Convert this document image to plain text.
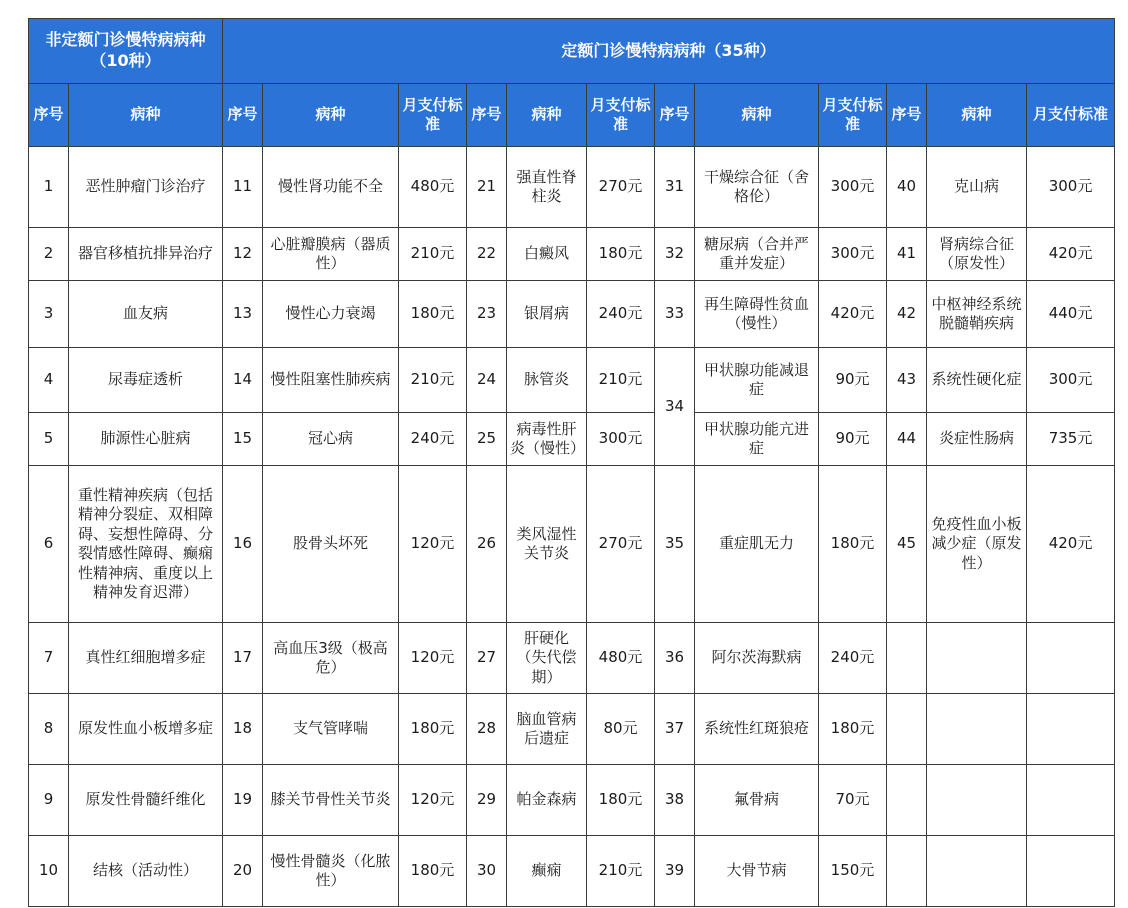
非定额门诊慢特病病种（10种）		定额门诊慢特病病种（35种）											
序号	病种	序号	病种	月支付标准	序号	病种	月支付标准	序号	病种	月支付标准	序号	病种	月支付标准
1	恶性肿瘤门诊治疗	11	慢性肾功能不全	480元	21	强直性脊柱炎	270元	31	干燥综合征（舍格伦）	300元	40	克山病	300元
2	器官移植抗排异治疗	12	心脏瓣膜病（器质性）	210元	22	白癜风	180元	32	糖尿病（合并严重并发症）	300元	41	肾病综合征（原发性）	420元
3	血友病	13	慢性心力衰竭	180元	23	银屑病	240元	33	再生障碍性贫血（慢性）	420元	42	中枢神经系统脱髓鞘疾病	440元
4	尿毒症透析	14	慢性阻塞性肺疾病	210元	24	脉管炎	210元	34	甲状腺功能减退症	90元	43	系统性硬化症	300元
5	肺源性心脏病	15	冠心病	240元	25	病毒性肝炎（慢性）	300元		甲状腺功能亢进症	90元	44	炎症性肠病	735元
6	重性精神疾病（包括精神分裂症、双相障碍、妄想性障碍、分裂情感性障碍、癫痫性精神病、重度以上精神发育迟滞）	16	股骨头坏死	120元	26	类风湿性关节炎	270元	35	重症肌无力	180元	45	免疫性血小板减少症（原发性）	420元
7	真性红细胞增多症	17	高血压3级（极高危）	120元	27	肝硬化（失代偿期）	480元	36	阿尔茨海默病	240元			
8	原发性血小板增多症	18	支气管哮喘	180元	28	脑血管病后遗症	80元	37	系统性红斑狼疮	180元			
9	原发性骨髓纤维化	19	膝关节骨性关节炎	120元	29	帕金森病	180元	38	氟骨病	70元			
10	结核（活动性）	20	慢性骨髓炎（化脓性）	180元	30	癫痫	210元	39	大骨节病	150元			
